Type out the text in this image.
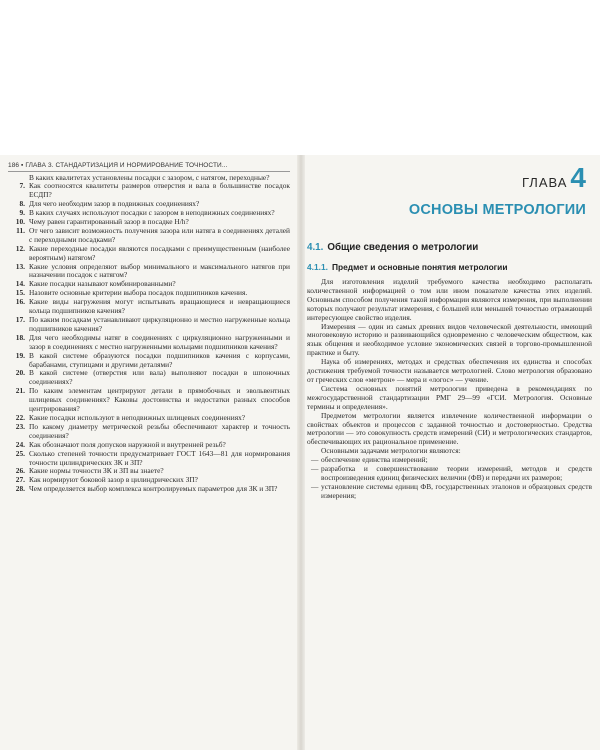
186 ▪ ГЛАВА 3. СТАНДАРТИЗАЦИЯ И НОРМИРОВАНИЕ ТОЧНОСТИ...
В каких квалитетах установлены посадки с зазором, с натягом, переходные?
7. Как соотносятся квалитеты размеров отверстия и вала в большинстве посадок ЕСДП?
8. Для чего необходим зазор в подвижных соединениях?
9. В каких случаях используют посадки с зазором в неподвижных соединениях?
10. Чему равен гарантированный зазор в посадке H/h?
11. От чего зависит возможность получения зазора или натяга в соединениях деталей с переходными посадками?
12. Какие переходные посадки являются посадками с преимущественным (наиболее вероятным) натягом?
13. Какие условия определяют выбор минимального и максимального натягов при назначении посадок с натягом?
14. Какие посадки называют комбинированными?
15. Назовите основные критерии выбора посадок подшипников качения.
16. Какие виды нагружения могут испытывать вращающиеся и невращающиеся кольца подшипников качения?
17. По каким посадкам устанавливают циркуляционно и местно нагруженные кольца подшипников качения?
18. Для чего необходимы натяг в соединениях с циркуляционно нагруженными и зазор в соединениях с местно нагруженными кольцами подшипников качения?
19. В какой системе образуются посадки подшипников качения с корпусами, барабанами, ступицами и другими деталями?
20. В какой системе (отверстия или вала) выполняют посадки в шпоночных соединениях?
21. По каким элементам центрируют детали в прямобочных и эвольвентных шлицевых соединениях? Каковы достоинства и недостатки разных способов центрирования?
22. Какие посадки используют в неподвижных шлицевых соединениях?
23. По какому диаметру метрической резьбы обеспечивают характер и точность соединения?
24. Как обозначают поля допусков наружной и внутренней резьб?
25. Сколько степеней точности предусматривает ГОСТ 1643—81 для нормирования точности цилиндрических ЗК и ЗП?
26. Какие нормы точности ЗК и ЗП вы знаете?
27. Как нормируют боковой зазор в цилиндрических ЗП?
28. Чем определяется выбор комплекса контролируемых параметров для ЗК и ЗП?
ГЛАВА 4
ОСНОВЫ МЕТРОЛОГИИ
4.1. Общие сведения о метрологии
4.1.1. Предмет и основные понятия метрологии

Для изготовления изделий требуемого качества необходимо располагать количественной информацией о том или ином показателе качества этих изделий. Основным способом получения такой информации являются измерения, при выполнении которых получают результат измерения, с большей или меньшей точностью отражающий интересующее свойство изделия.

Измерения — один из самых древних видов человеческой деятельности, имеющий многовековую историю и развивающийся одновременно с человеческим обществом, как язык общения и необходимое условие экономических связей в торгово-промышленной практике и быту.

Наука об измерениях, методах и средствах обеспечения их единства и способах достижения требуемой точности называется метрологией. Слово метрология образовано от греческих слов «метрон» — мера и «логос» — учение.

Система основных понятий метрологии приведена в рекомендациях по межгосударственной стандартизации РМГ 29—99 «ГСИ. Метрология. Основные термины и определения».

Предметом метрологии является извлечение количественной информации о свойствах объектов и процессов с заданной точностью и достоверностью. Средства метрологии — это совокупность средств измерений (СИ) и метрологических стандартов, обеспечивающих их рациональное применение.

Основными задачами метрологии являются:

— обеспечение единства измерений;
— разработка и совершенствование теории измерений, методов и средств воспроизведения единиц физических величин (ФВ) и передачи их размеров;
— установление системы единиц ФВ, государственных эталонов и образцовых средств измерения;
